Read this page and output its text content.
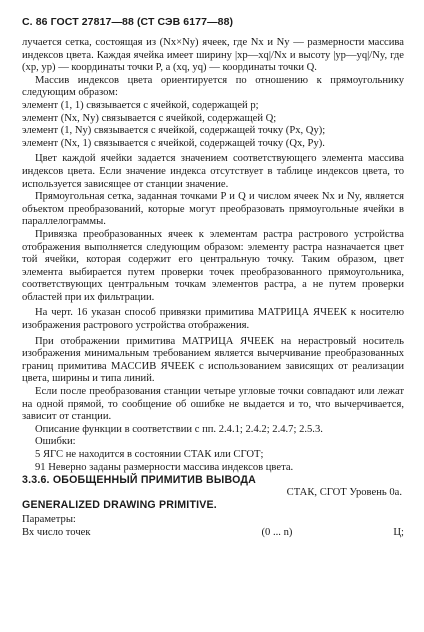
С. 86 ГОСТ 27817—88 (СТ СЭВ 6177—88)

лучается сетка, состоящая из (Nx×Ny) ячеек, где Nx и Ny — размерности массива индексов цвета. Каждая ячейка имеет ширину |xp—xq|/Nx и высоту |yp—yq|/Ny, где (xp, yp) — координаты точки P, а (xq, yq) — координаты точки Q.

Массив индексов цвета ориентируется по отношению к прямоугольнику следующим образом:

элемент (1, 1) связывается с ячейкой, содержащей р;

элемент (Nx, Ny) связывается с ячейкой, содержащей Q;

элемент (1, Ny) связывается с ячейкой, содержащей точку (Px, Qy);

элемент (Nx, 1) связывается с ячейкой, содержащей точку (Qx, Py).

Цвет каждой ячейки задается значением соответствующего элемента массива индексов цвета. Если значение индекса отсутствует в таблице индексов цвета, то используется зависящее от станции значение.

Прямоугольная сетка, заданная точками P и Q и числом ячеек Nx и Ny, является объектом преобразований, которые могут преобразовать прямоугольные ячейки в параллелограммы.

Привязка преобразованных ячеек к элементам растра растрового устройства отображения выполняется следующим образом: элементу растра назначается цвет той ячейки, которая содержит его центральную точку. Таким образом, цвет элемента выбирается путем проверки точек преобразованного прямоугольника, соответствующих центральным точкам элементов растра, а не путем проверки областей при их фильтрации.

На черт. 16 указан способ привязки примитива МАТРИЦА ЯЧЕЕК к носителю изображения растрового устройства отображения.

При отображении примитива МАТРИЦА ЯЧЕЕК на нерастровый носитель изображения минимальным требованием является вычерчивание преобразованных границ примитива МАССИВ ЯЧЕЕК с использованием зависящих от реализации цвета, ширины и типа линий.

Если после преобразования станции четыре угловые точки совпадают или лежат на одной прямой, то сообщение об ошибке не выдается и то, что вычерчивается, зависит от станции.

Описание функции в соответствии с пп. 2.4.1; 2.4.2; 2.4.7; 2.5.3.

Ошибки:

5 ЯГС не находится в состоянии СТАК или СГОТ;

91 Неверно заданы размерности массива индексов цвета.

3.3.6. ОБОБЩЕННЫЙ ПРИМИТИВ ВЫВОДА

СТАК, СГОТ Уровень 0а.

GENERALIZED DRAWING PRIMITIVE.

Параметры:

Вх число точек	(0 ... n)	Ц;
